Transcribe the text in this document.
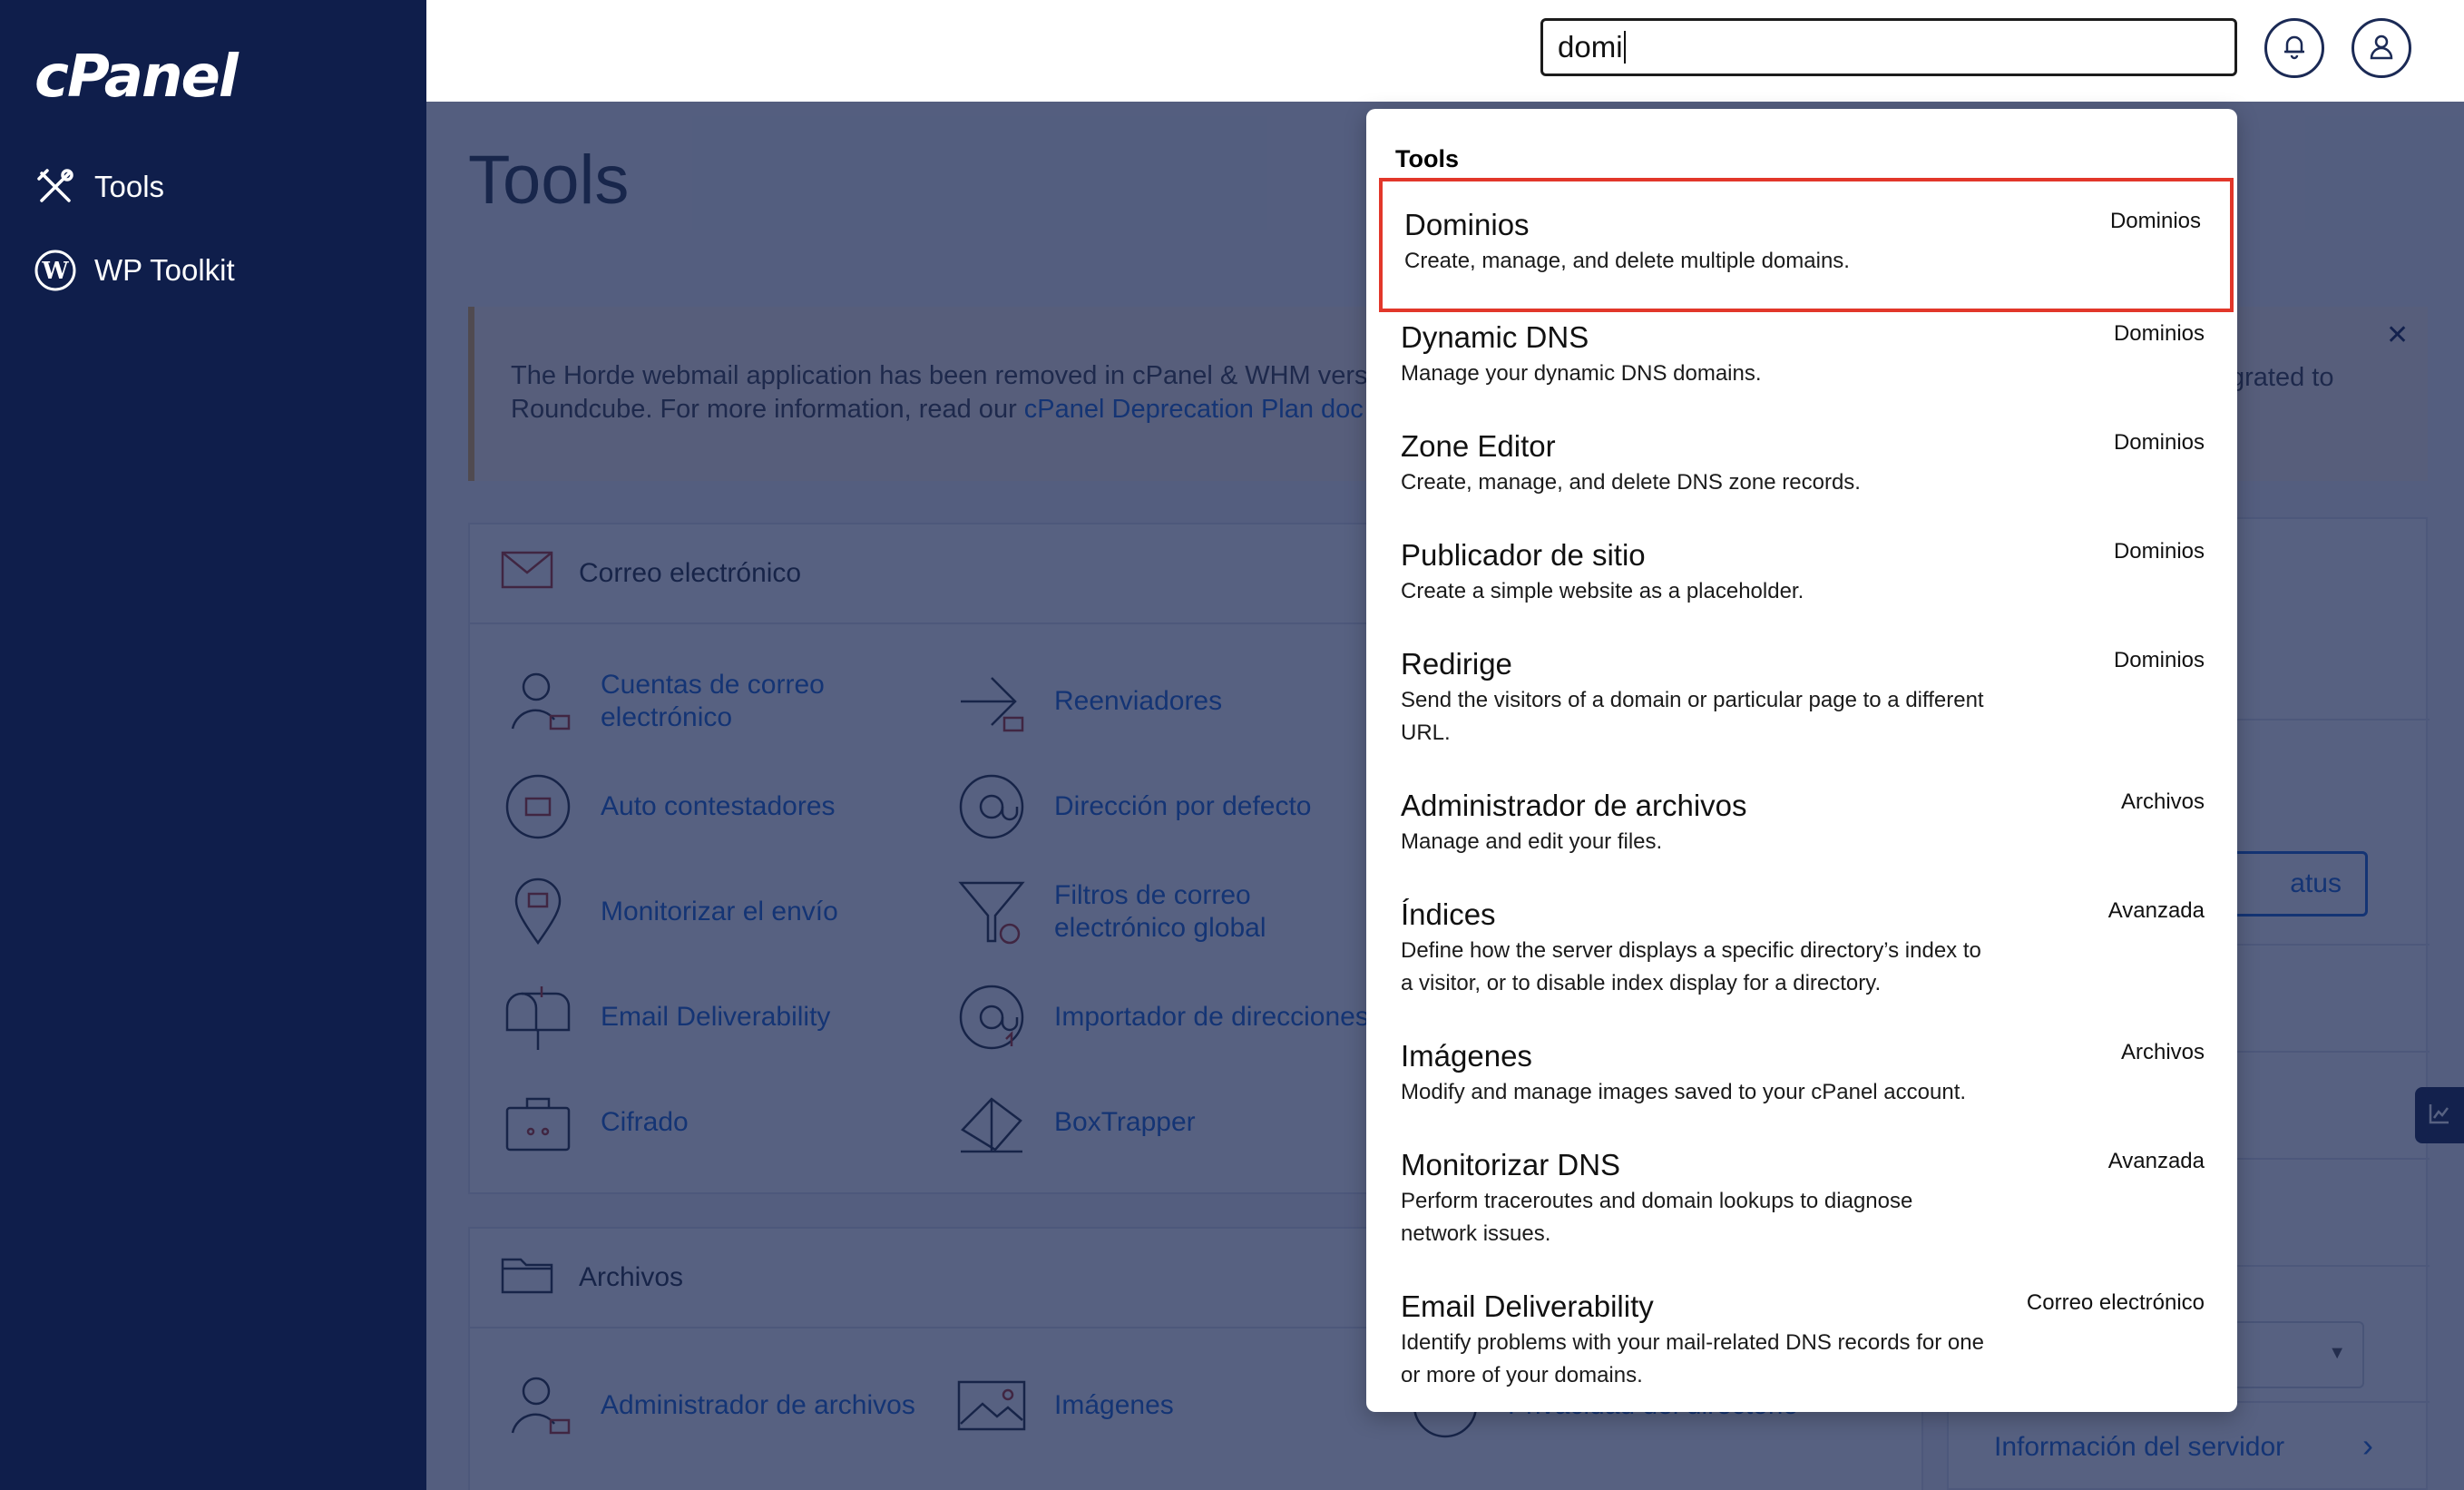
cPanel
Tools
W WP Toolkit
domi
Tools
Dominios
Create, manage, and delete multiple domains.
Dominios
Dynamic DNS
Manage your dynamic DNS domains.
Dominios
Zone Editor
Create, manage, and delete DNS zone records.
Dominios
Publicador de sitio
Create a simple website as a placeholder.
Dominios
Redirige
Send the visitors of a domain or particular page to a different URL.
Dominios
Administrador de archivos
Manage and edit your files.
Archivos
Índices
Define how the server displays a specific directory’s index to a visitor, or to disable index display for a directory.
Avanzada
Imágenes
Modify and manage images saved to your cPanel account.
Archivos
Monitorizar DNS
Perform traceroutes and domain lookups to diagnose network issues.
Avanzada
Email Deliverability
Identify problems with your mail-related DNS records for one or more of your domains.
Correo electrónico
